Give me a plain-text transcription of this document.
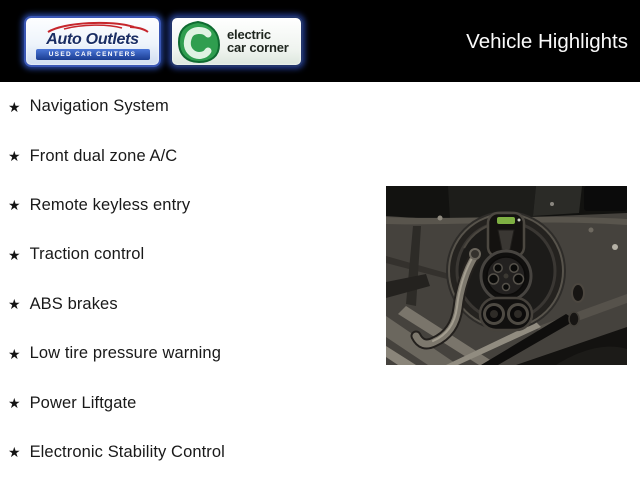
Auto Outlets
USED CAR CENTERS
electric
car corner	Vehicle Highlights
★ Navigation System
★ Front dual zone A/C
★ Remote keyless entry
★ Traction control
★ ABS brakes
★ Low tire pressure warning
★ Power Liftgate
★ Electronic Stability Control
